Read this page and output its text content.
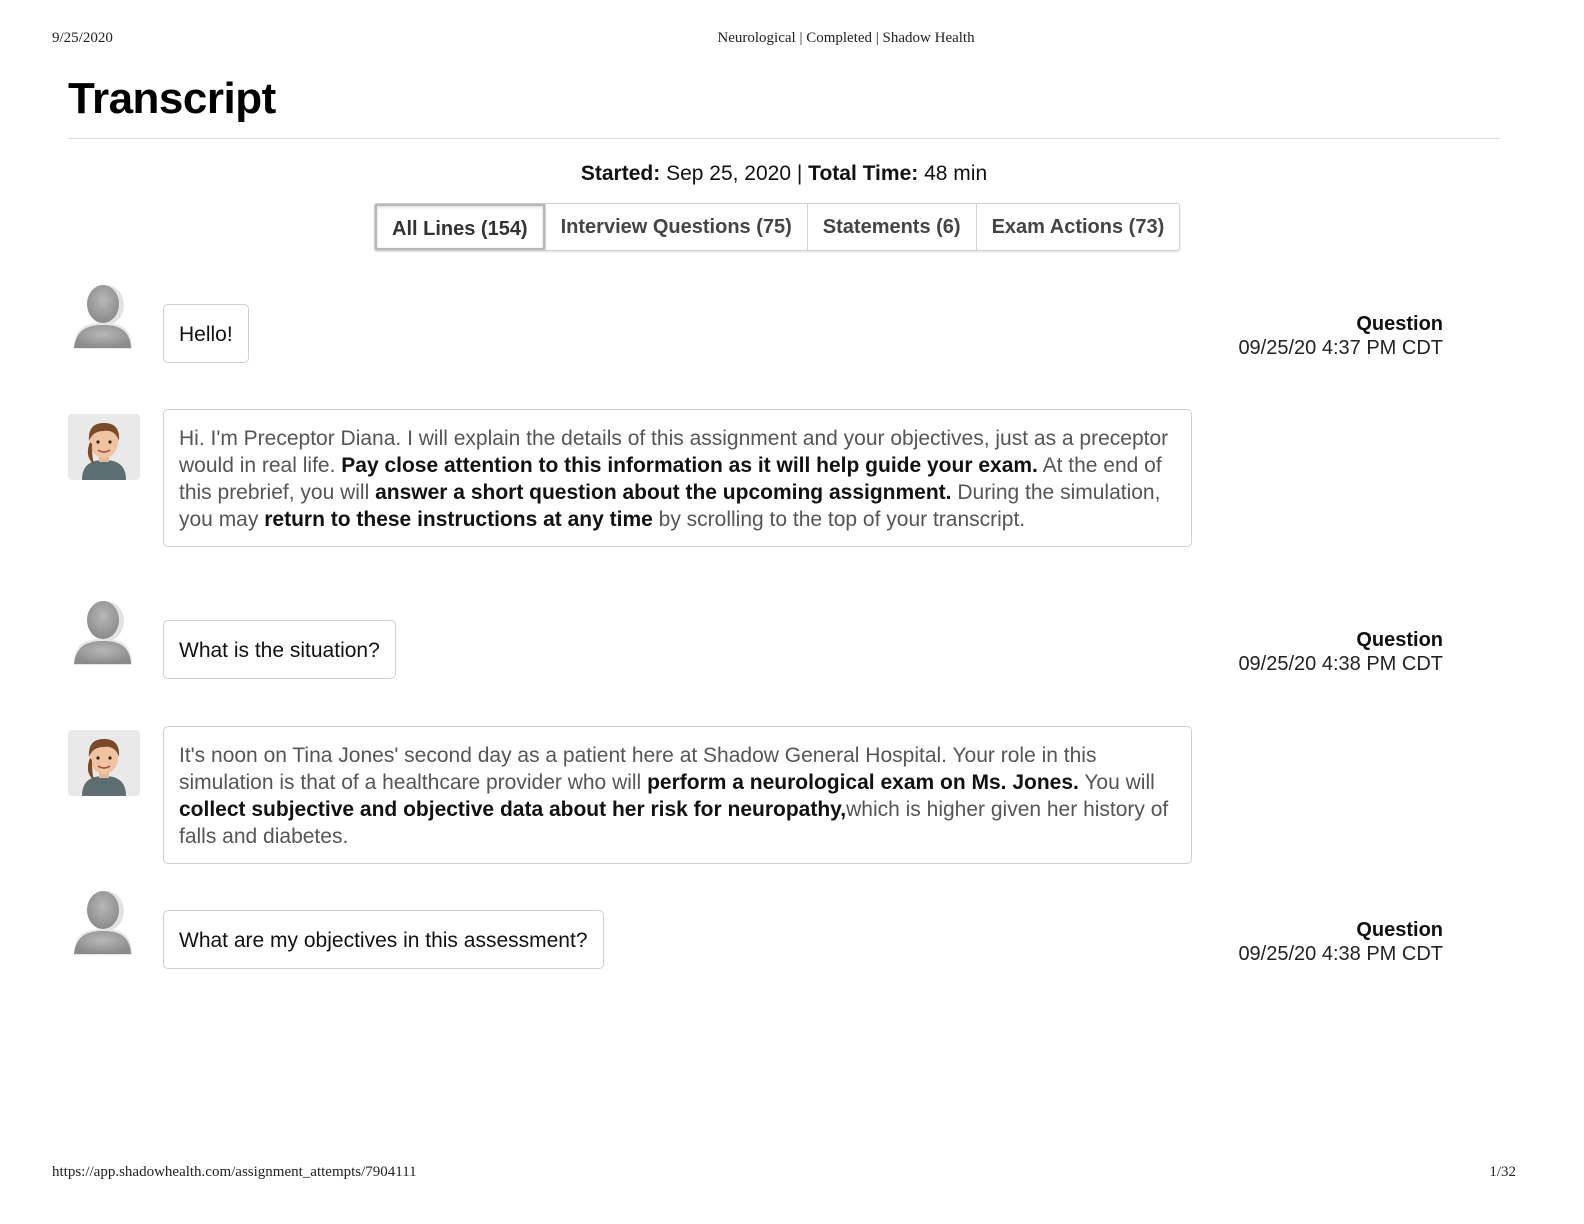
9/25/2020	Neurological | Completed | Shadow Health
Transcript
Started: Sep 25, 2020 | Total Time: 48 min
All Lines (154)	Interview Questions (75)	Statements (6)	Exam Actions (73)
Hello!	Question
09/25/20 4:37 PM CDT
Hi. I'm Preceptor Diana. I will explain the details of this assignment and your objectives, just as a preceptor would in real life. Pay close attention to this information as it will help guide your exam. At the end of this prebrief, you will answer a short question about the upcoming assignment. During the simulation, you may return to these instructions at any time by scrolling to the top of your transcript.
What is the situation?	Question
09/25/20 4:38 PM CDT
It's noon on Tina Jones' second day as a patient here at Shadow General Hospital. Your role in this simulation is that of a healthcare provider who will perform a neurological exam on Ms. Jones. You will collect subjective and objective data about her risk for neuropathy,which is higher given her history of falls and diabetes.
What are my objectives in this assessment?	Question
09/25/20 4:38 PM CDT
https://app.shadowhealth.com/assignment_attempts/7904111	1/32
